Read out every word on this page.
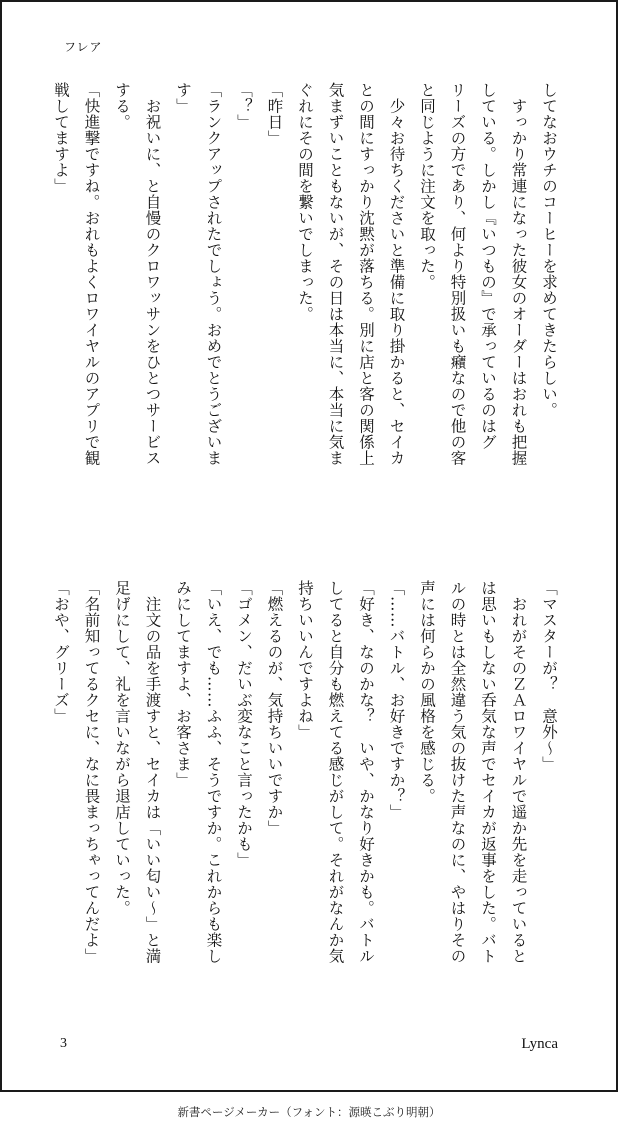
フレア
してなおウチのコーヒーを求めてきたらしい。
　すっかり常連になった彼女のオーダーはおれも把握
している。しかし『いつもの』で承っているのはグ
リーズの方であり、何より特別扱いも癪なので他の客
と同じように注文を取った。
　少々お待ちくださいと準備に取り掛かると、セイカ
との間にすっかり沈黙が落ちる。別に店と客の関係上
気まずいこともないが、その日は本当に、本当に気ま
ぐれにその間を繋いでしまった。
「昨日」
「？」
「ランクアップされたでしょう。おめでとうございま
す」
　お祝いに、と自慢のクロワッサンをひとつサービス
する。
「快進撃ですね。おれもよくロワイヤルのアプリで観
戦してますよ」
「マスターが？　意外～」
　おれがそのＺＡロワイヤルで遥か先を走っていると
は思いもしない呑気な声でセイカが返事をした。バト
ルの時とは全然違う気の抜けた声なのに、やはりその
声には何らかの風格を感じる。
「……バトル、お好きですか？」
「好き、なのかな？　いや、かなり好きかも。バトル
してると自分も燃えてる感じがして。それがなんか気
持ちいいんですよね」
「燃えるのが、気持ちいいですか」
「ゴメン、だいぶ変なこと言ったかも」
「いえ、でも……ふふ、そうですか。これからも楽し
みにしてますよ、お客さま」
　注文の品を手渡すと、セイカは「いい匂い～」と満
足げにして、礼を言いながら退店していった。
「名前知ってるクセに、なに畏まっちゃってんだよ」
「おや、グリーズ」
3	Lynca
新書ページメーカー（フォント：源暎こぶり明朝）
